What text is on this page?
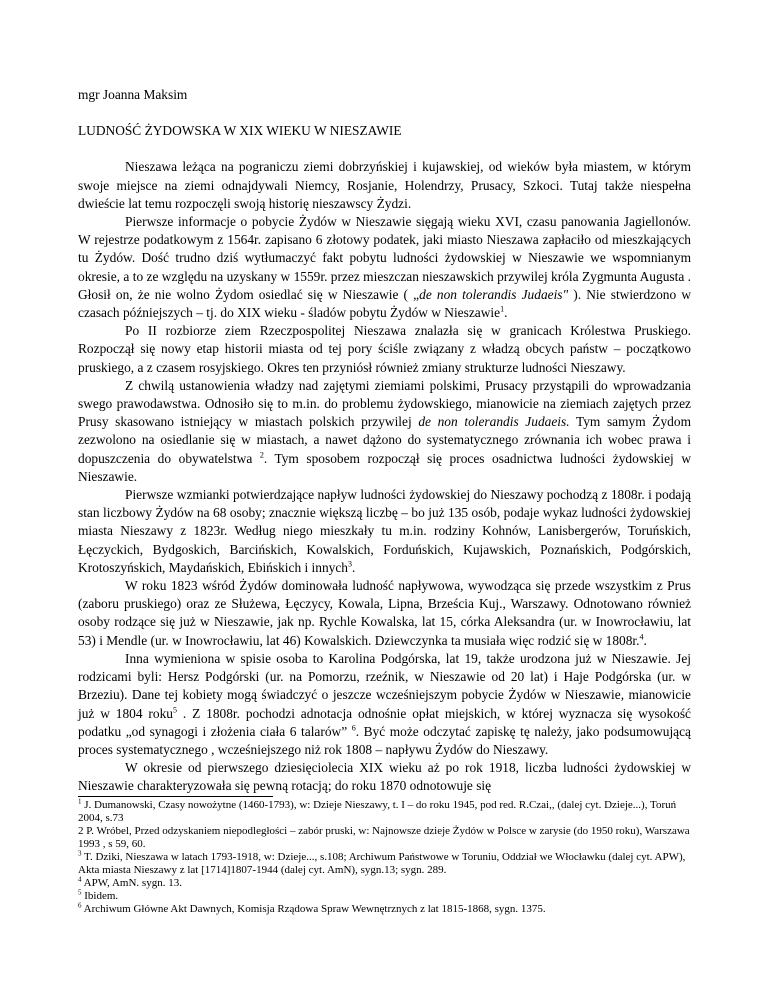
mgr Joanna Maksim

LUDNOŚĆ ŻYDOWSKA W XIX WIEKU W NIESZAWIE

Nieszawa leżąca na pograniczu ziemi dobrzyńskiej i kujawskiej, od wieków była miastem, w którym swoje miejsce na ziemi odnajdywali Niemcy, Rosjanie, Holendrzy, Prusacy, Szkoci. Tutaj także niespełna dwieście lat temu rozpoczęli swoją historię nieszawscy Żydzi.

Pierwsze informacje o pobycie Żydów w Nieszawie sięgają wieku XVI, czasu panowania Jagiellonów. W rejestrze podatkowym z 1564r. zapisano 6 złotowy podatek, jaki miasto Nieszawa zapłaciło od mieszkających tu Żydów. Dość trudno dziś wytłumaczyć fakt pobytu ludności żydowskiej w Nieszawie we wspomnianym okresie, a to ze względu na uzyskany w 1559r. przez mieszczan nieszawskich przywilej króla Zygmunta Augusta . Głosił on, że nie wolno Żydom osiedlać się w Nieszawie ( „de non tolerandis Judaeis" ). Nie stwierdzono w czasach późniejszych – tj. do XIX wieku - śladów pobytu Żydów w Nieszawie$^1$.

Po II rozbiorze ziem Rzeczpospolitej Nieszawa znalazła się w granicach Królestwa Pruskiego. Rozpoczął się nowy etap historii miasta od tej pory ściśle związany z władzą obcych państw – początkowo pruskiego, a z czasem rosyjskiego. Okres ten przyniósł również zmiany strukturze ludności Nieszawy.

Z chwilą ustanowienia władzy nad zajętymi ziemiami polskimi, Prusacy przystąpili do wprowadzania swego prawodawstwa. Odnosiło się to m.in. do problemu żydowskiego, mianowicie na ziemiach zajętych przez Prusy skasowano istniejący w miastach polskich przywilej de non tolerandis Judaeis. Tym samym Żydom zezwolono na osiedlanie się w miastach, a nawet dążono do systematycznego zrównania ich wobec prawa i dopuszczenia do obywatelstwa $^2$. Tym sposobem rozpoczął się proces osadnictwa ludności żydowskiej w Nieszawie.

Pierwsze wzmianki potwierdzające napływ ludności żydowskiej do Nieszawy pochodzą z 1808r. i podają stan liczbowy Żydów na 68 osoby; znacznie większą liczbę – bo już 135 osób, podaje wykaz ludności żydowskiej miasta Nieszawy z 1823r. Według niego mieszkały tu m.in. rodziny Kohnów, Lanisbergerów, Toruńskich, Łęczyckich, Bydgoskich, Barcińskich, Kowalskich, Forduńskich, Kujawskich, Poznańskich, Podgórskich, Krotoszyńskich, Maydańskich, Ebińskich i innych$^3$.

W roku 1823 wśród Żydów dominowała ludność napływowa, wywodząca się przede wszystkim z Prus (zaboru pruskiego) oraz ze Służewa, Łęczycy, Kowala, Lipna, Brześcia Kuj., Warszawy. Odnotowano również osoby rodzące się już w Nieszawie, jak np. Rychle Kowalska, lat 15, córka Aleksandra (ur. w Inowrocławiu, lat 53) i Mendle (ur. w Inowrocławiu, lat 46) Kowalskich. Dziewczynka ta musiała więc rodzić się w 1808r.$^4$.

Inna wymieniona w spisie osoba to Karolina Podgórska, lat 19, także urodzona już w Nieszawie. Jej rodzicami byli: Hersz Podgórski (ur. na Pomorzu, rzeźnik, w Nieszawie od 20 lat) i Haje Podgórska (ur. w Brzeziu). Dane tej kobiety mogą świadczyć o jeszcze wcześniejszym pobycie Żydów w Nieszawie, mianowicie już w 1804 roku$^5$ . Z 1808r. pochodzi adnotacja odnośnie opłat miejskich, w której wyznacza się wysokość podatku „od synagogi i złożenia ciała 6 talarów” $^6$. Być może odczytać zapiskę tę należy, jako podsumowującą proces systematycznego , wcześniejszego niż rok 1808 – napływu Żydów do Nieszawy.

W okresie od pierwszego dziesięciolecia XIX wieku aż po rok 1918, liczba ludności żydowskiej w Nieszawie charakteryzowała się pewną rotacją; do roku 1870 odnotowuje się

$^1$ J. Dumanowski, Czasy nowożytne (1460-1793), w: Dzieje Nieszawy, t. I – do roku 1945, pod red. R.Czai,, (dalej cyt. Dzieje...), Toruń 2004, s.73

2 P. Wróbel, Przed odzyskaniem niepodległości – zabór pruski, w: Najnowsze dzieje Żydów w Polsce w zarysie (do 1950 roku), Warszawa 1993 , s 59, 60.

$^3$ T. Dziki, Nieszawa w latach 1793-1918, w: Dzieje..., s.108; Archiwum Państwowe w Toruniu, Oddział we Włocławku (dalej cyt. APW), Akta miasta Nieszawy z lat [1714]1807-1944 (dalej cyt. AmN), sygn.13; sygn. 289.

$^4$ APW, AmN. sygn. 13.

$^5$ Ibidem.

$^6$ Archiwum Główne Akt Dawnych, Komisja Rządowa Spraw Wewnętrznych z lat 1815-1868, sygn. 1375.
